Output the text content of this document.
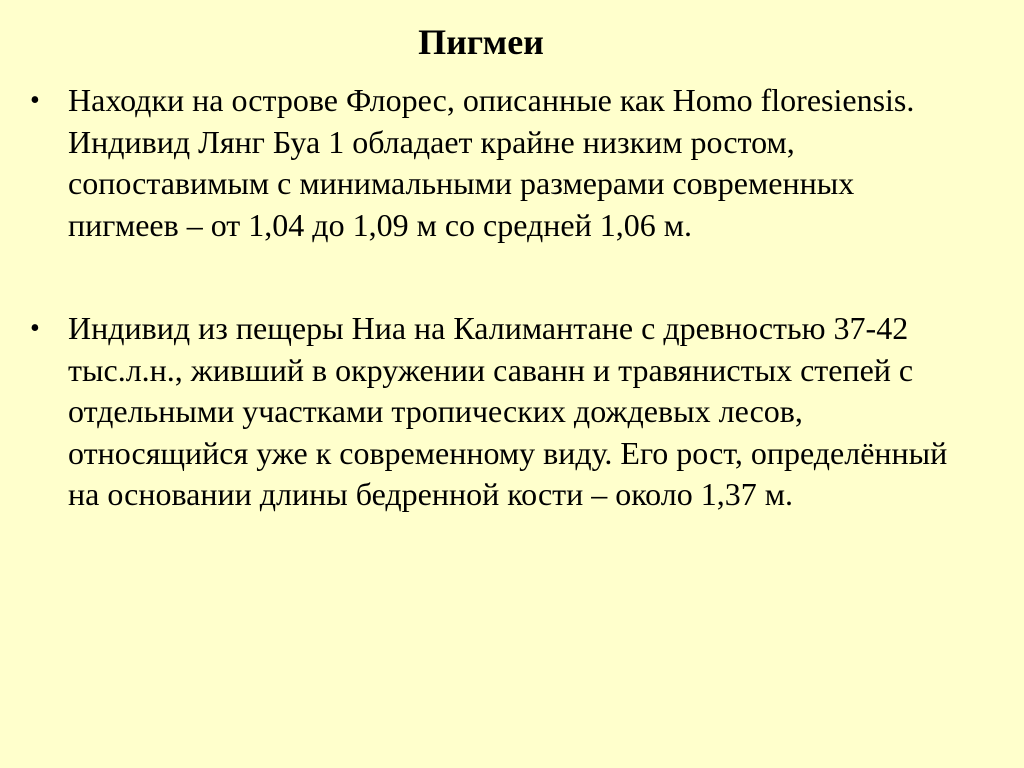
Пигмеи
• Находки на острове Флорес, описанные как Homo floresiensis. Индивид Лянг Буа 1 обладает крайне низким ростом, сопоставимым с минимальными размерами современных пигмеев – от 1,04 до 1,09 м со средней 1,06 м.
• Индивид из пещеры Ниа на Калимантане с древностью 37-42 тыс.л.н., живший в окружении саванн и травянистых степей с отдельными участками тропических дождевых лесов, относящийся уже к современному виду. Его рост, определённый на основании длины бедренной кости – около 1,37 м.
